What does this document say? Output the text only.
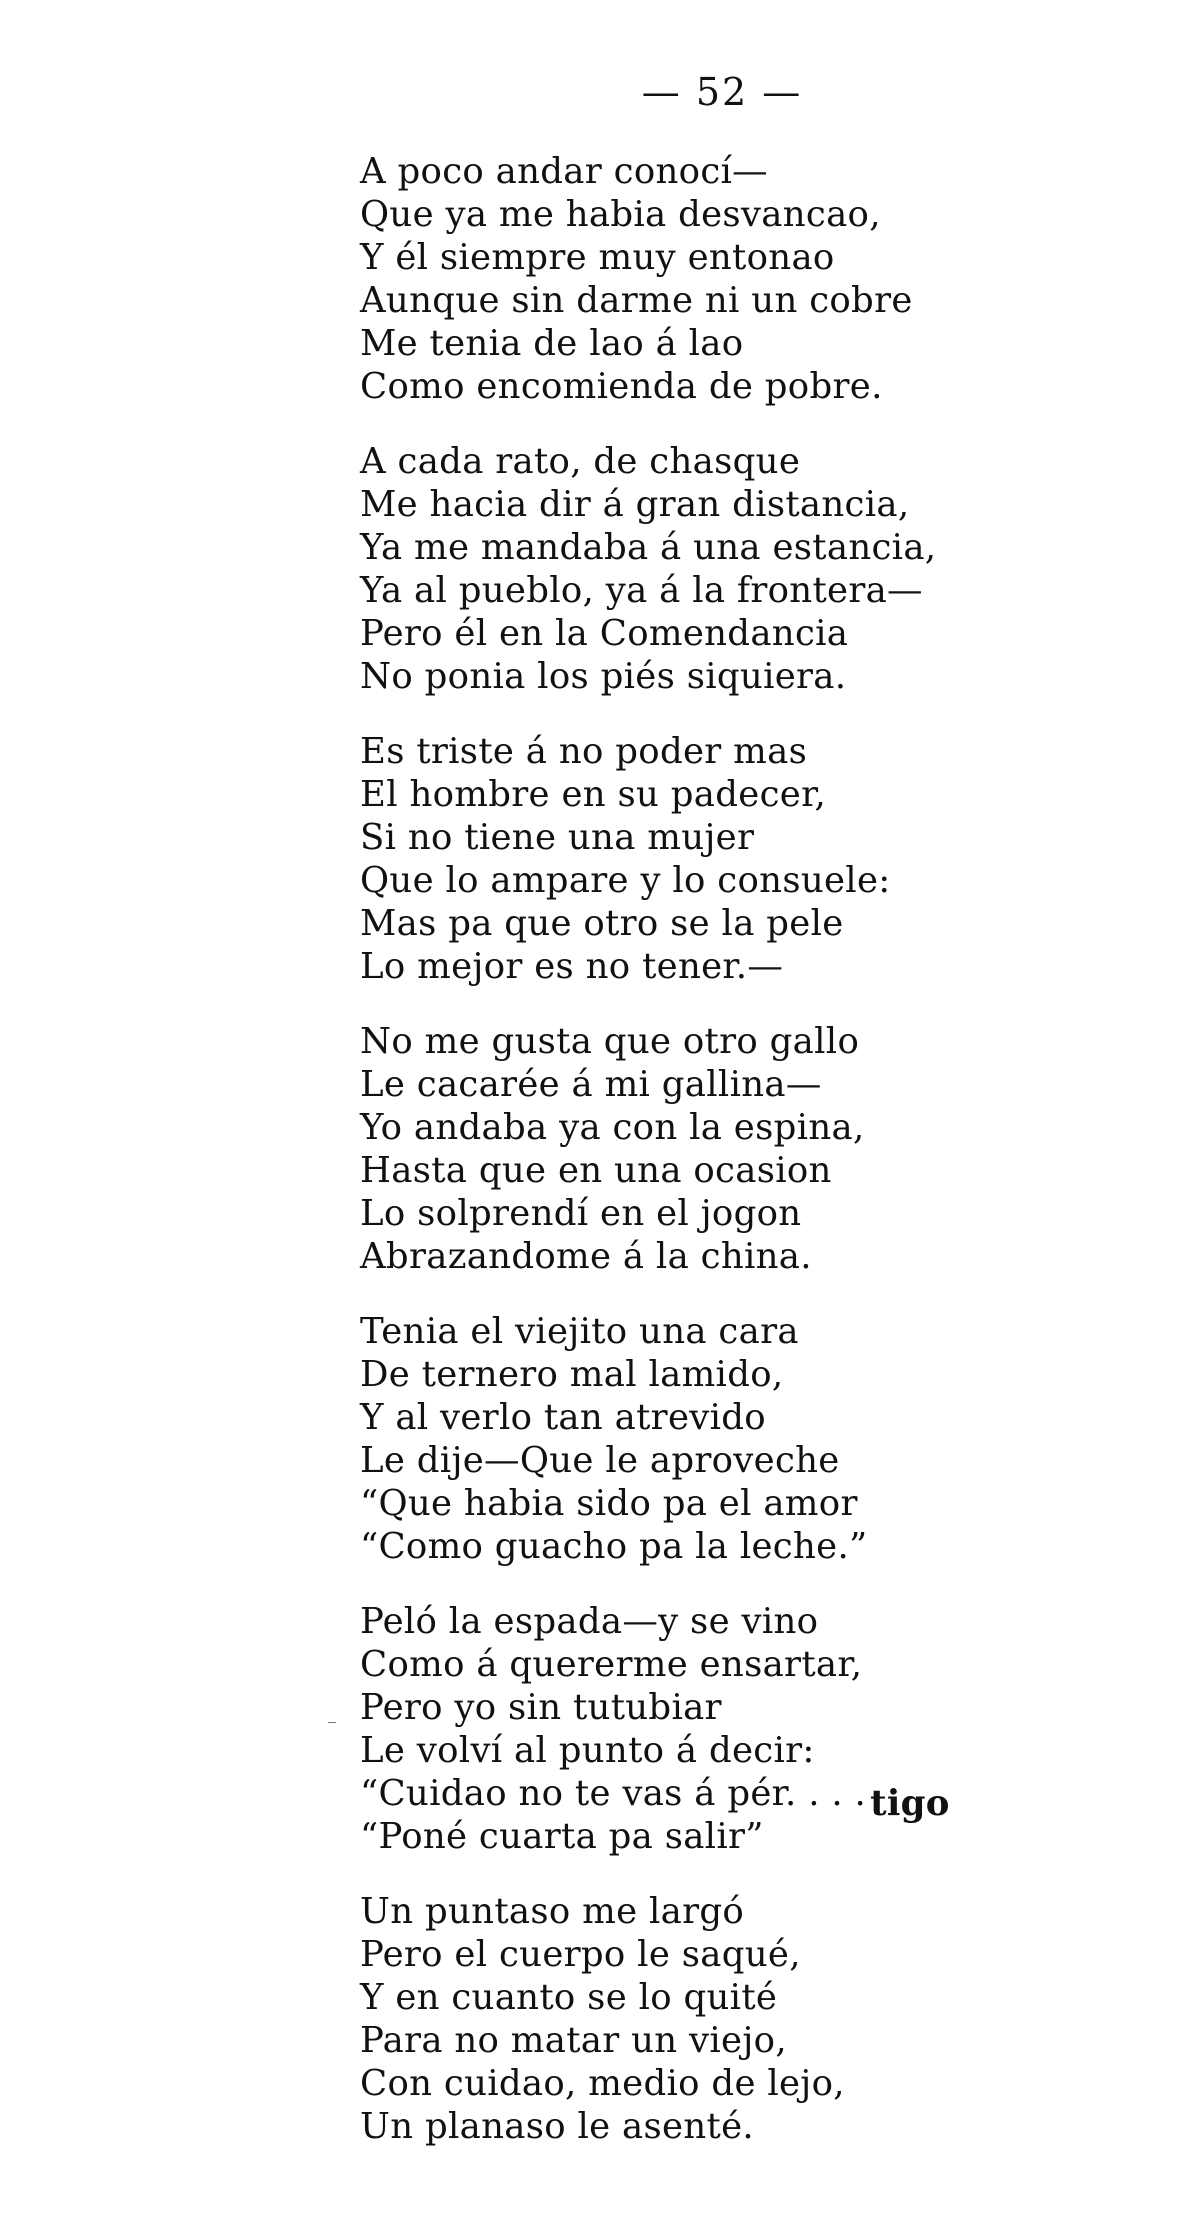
— 52 —
A poco andar conocí—
Que ya me habia desvancao,
Y él siempre muy entonao
Aunque sin darme ni un cobre
Me tenia de lao á lao
Como encomienda de pobre.
A cada rato, de chasque
Me hacia dir á gran distancia,
Ya me mandaba á una estancia,
Ya al pueblo, ya á la frontera—
Pero él en la Comendancia
No ponia los piés siquiera.
Es triste á no poder mas
El hombre en su padecer,
Si no tiene una mujer
Que lo ampare y lo consuele:
Mas pa que otro se la pele
Lo mejor es no tener.—
No me gusta que otro gallo
Le cacarée á mi gallina—
Yo andaba ya con la espina,
Hasta que en una ocasion
Lo solprendí en el jogon
Abrazandome á la china.
Tenia el viejito una cara
De ternero mal lamido,
Y al verlo tan atrevido
Le dije—Que le aproveche
“Que habia sido pa el amor
“Como guacho pa la leche.”
Peló la espada—y se vino
Como á quererme ensartar,
Pero yo sin tutubiar
Le volví al punto á decir:
“Cuidao no te vas á pér. . . . tigo
“Poné cuarta pa salir”
Un puntaso me largó
Pero el cuerpo le saqué,
Y en cuanto se lo quité
Para no matar un viejo,
Con cuidao, medio de lejo,
Un planaso le asenté.
